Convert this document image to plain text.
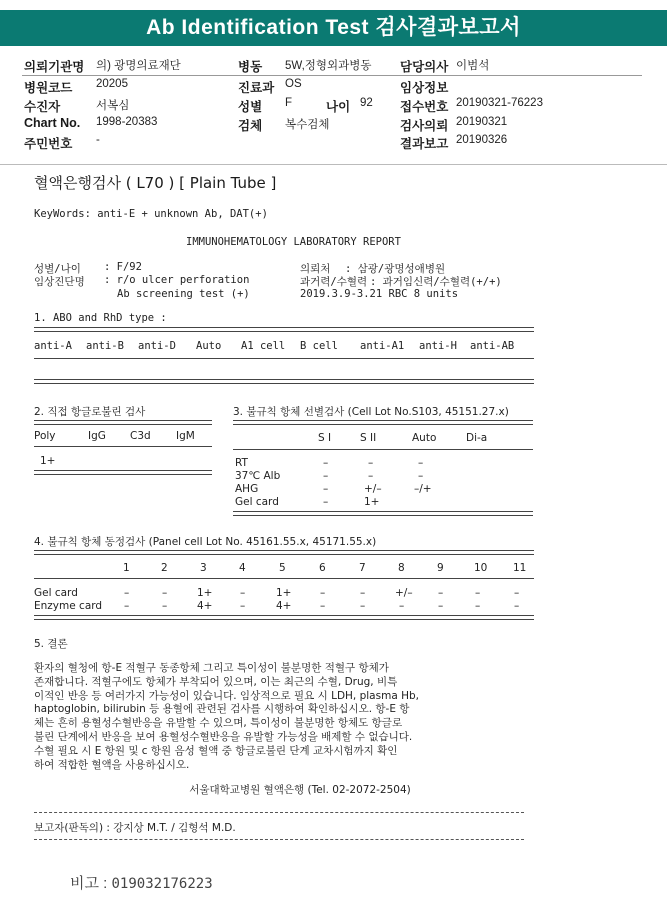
Ab Identification Test 검사결과보고서
의뢰기관명 의) 광명의료재단
병원코드 20205
수진자	서복심
Chart No. 1998-20383
주민번호 -
병동 5W,정형외과병동
진료과 OS
성별 F
검체 복수검체
나이 92
담당의사 이범석
임상정보
접수번호 20190321-76223
검사의뢰 20190321
결과보고 20190326
혈액은행검사 ( L70 ) [ Plain Tube ]
KeyWords: anti-E + unknown Ab, DAT(+)
IMMUNOHEMATOLOGY LABORATORY REPORT
성별/나이 : F/92
임상진단명 : r/o ulcer perforation
Ab screening test (+)
의뢰처 : 삼광/광명성애병원
과거력/수혈력 : 과거임신력/수혈력(+/+)
2019.3.9-3.21 RBC 8 units
1. ABO and RhD type :
anti-A anti-B anti-D Auto A1 cell B cell anti-A1 anti-H anti-AB
2. 직접 항글로불린 검사
Poly	IgG C3d IgM
1+
3. 불규칙 항체 선별검사 (Cell Lot No.S103, 45151.27.x)
S I	S II	Auto	Di-a
RT	–	–	–
37℃ Alb	–	–	–
AHG	–	+/–	–/+
Gel card	–	1+
4. 불규칙 항체 동정검사 (Panel cell Lot No. 45161.55.x, 45171.55.x)
1	2	3	4	5	6	7	8	9	10 11
Gel card	–	–	1+	–	1+	–	–	+/– –	–	–
Enzyme card –	–	4+	–	4+	–	–	–	–	–	–
5. 결론
환자의 혈청에 항-E 적혈구 동종항체 그리고 특이성이 불분명한 적혈구 항체가
존재합니다. 적혈구에도 항체가 부착되어 있으며, 이는 최근의 수혈, Drug, 비특
이적인 반응 등 여러가지 가능성이 있습니다. 임상적으로 필요 시 LDH, plasma Hb,
haptoglobin, bilirubin 등 용혈에 관련된 검사를 시행하여 확인하십시오. 항-E 항
체는 흔히 용혈성수혈반응을 유발할 수 있으며, 특이성이 불분명한 항체도 항글로
불린 단계에서 반응을 보여 용혈성수혈반응을 유발할 가능성을 배제할 수 없습니다.
수혈 필요 시 E 항원 및 c 항원 음성 혈액 중 항글로불린 단계 교차시험까지 확인
하여 적합한 혈액을 사용하십시오.
서울대학교병원 혈액은행 (Tel. 02-2072-2504)
보고자(판독의) : 강지상 M.T. / 김형석 M.D.
비고 : 019032176223
